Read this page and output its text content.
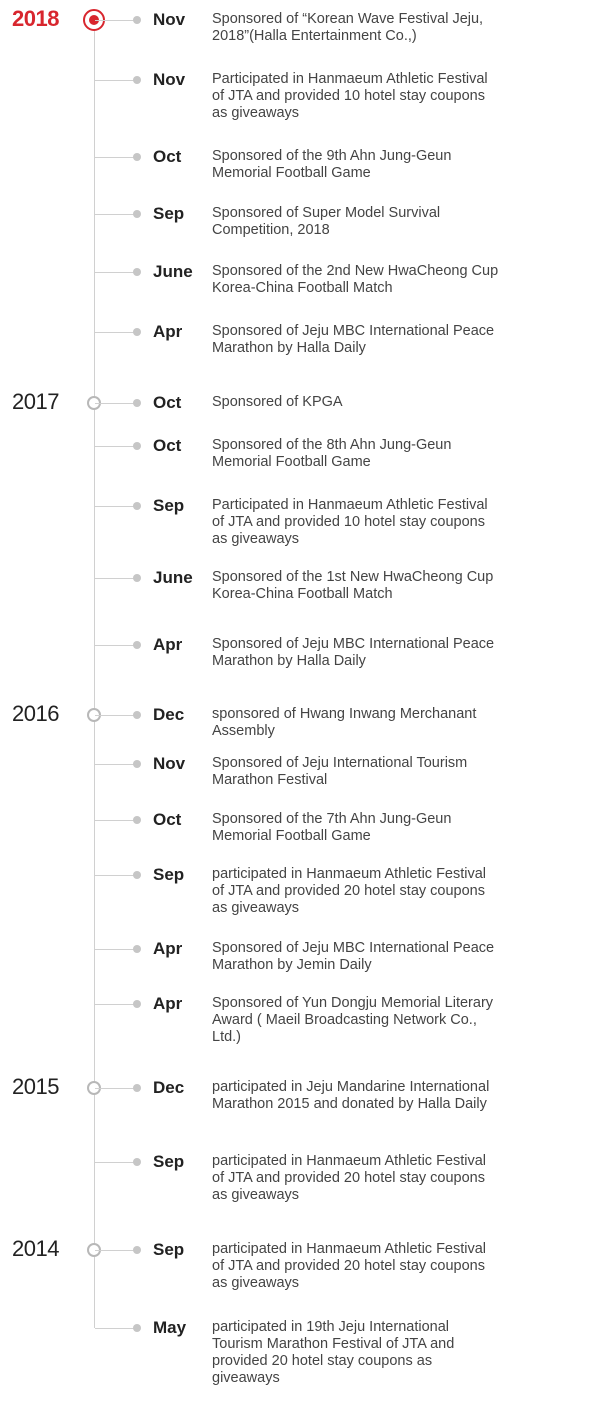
2018	Nov Sponsored of “Korean Wave Festival Jeju, 2018”(Halla Entertainment Co.,)
Nov Participated in Hanmaeum Athletic Festival of JTA and provided 10 hotel stay coupons as giveaways
Oct Sponsored of the 9th Ahn Jung-Geun Memorial Football Game
Sep Sponsored of Super Model Survival Competition, 2018
June Sponsored of the 2nd New HwaCheong Cup Korea-China Football Match
Apr Sponsored of Jeju MBC International Peace Marathon by Halla Daily
2017	Oct Sponsored of KPGA
Oct Sponsored of the 8th Ahn Jung-Geun Memorial Football Game
Sep Participated in Hanmaeum Athletic Festival of JTA and provided 10 hotel stay coupons as giveaways
June Sponsored of the 1st New HwaCheong Cup Korea-China Football Match
Apr Sponsored of Jeju MBC International Peace Marathon by Halla Daily
2016	Dec sponsored of Hwang Inwang Merchanant Assembly
Nov Sponsored of Jeju International Tourism Marathon Festival
Oct Sponsored of the 7th Ahn Jung-Geun Memorial Football Game
Sep participated in Hanmaeum Athletic Festival of JTA and provided 20 hotel stay coupons as giveaways
Apr Sponsored of Jeju MBC International Peace Marathon by Jemin Daily
Apr Sponsored of Yun Dongju Memorial Literary Award ( Maeil Broadcasting Network Co., Ltd.)
2015	Dec participated in Jeju Mandarine International Marathon 2015 and donated by Halla Daily
Sep participated in Hanmaeum Athletic Festival of JTA and provided 20 hotel stay coupons as giveaways
2014	Sep participated in Hanmaeum Athletic Festival of JTA and provided 20 hotel stay coupons as giveaways
May participated in 19th Jeju International Tourism Marathon Festival of JTA and provided 20 hotel stay coupons as giveaways
